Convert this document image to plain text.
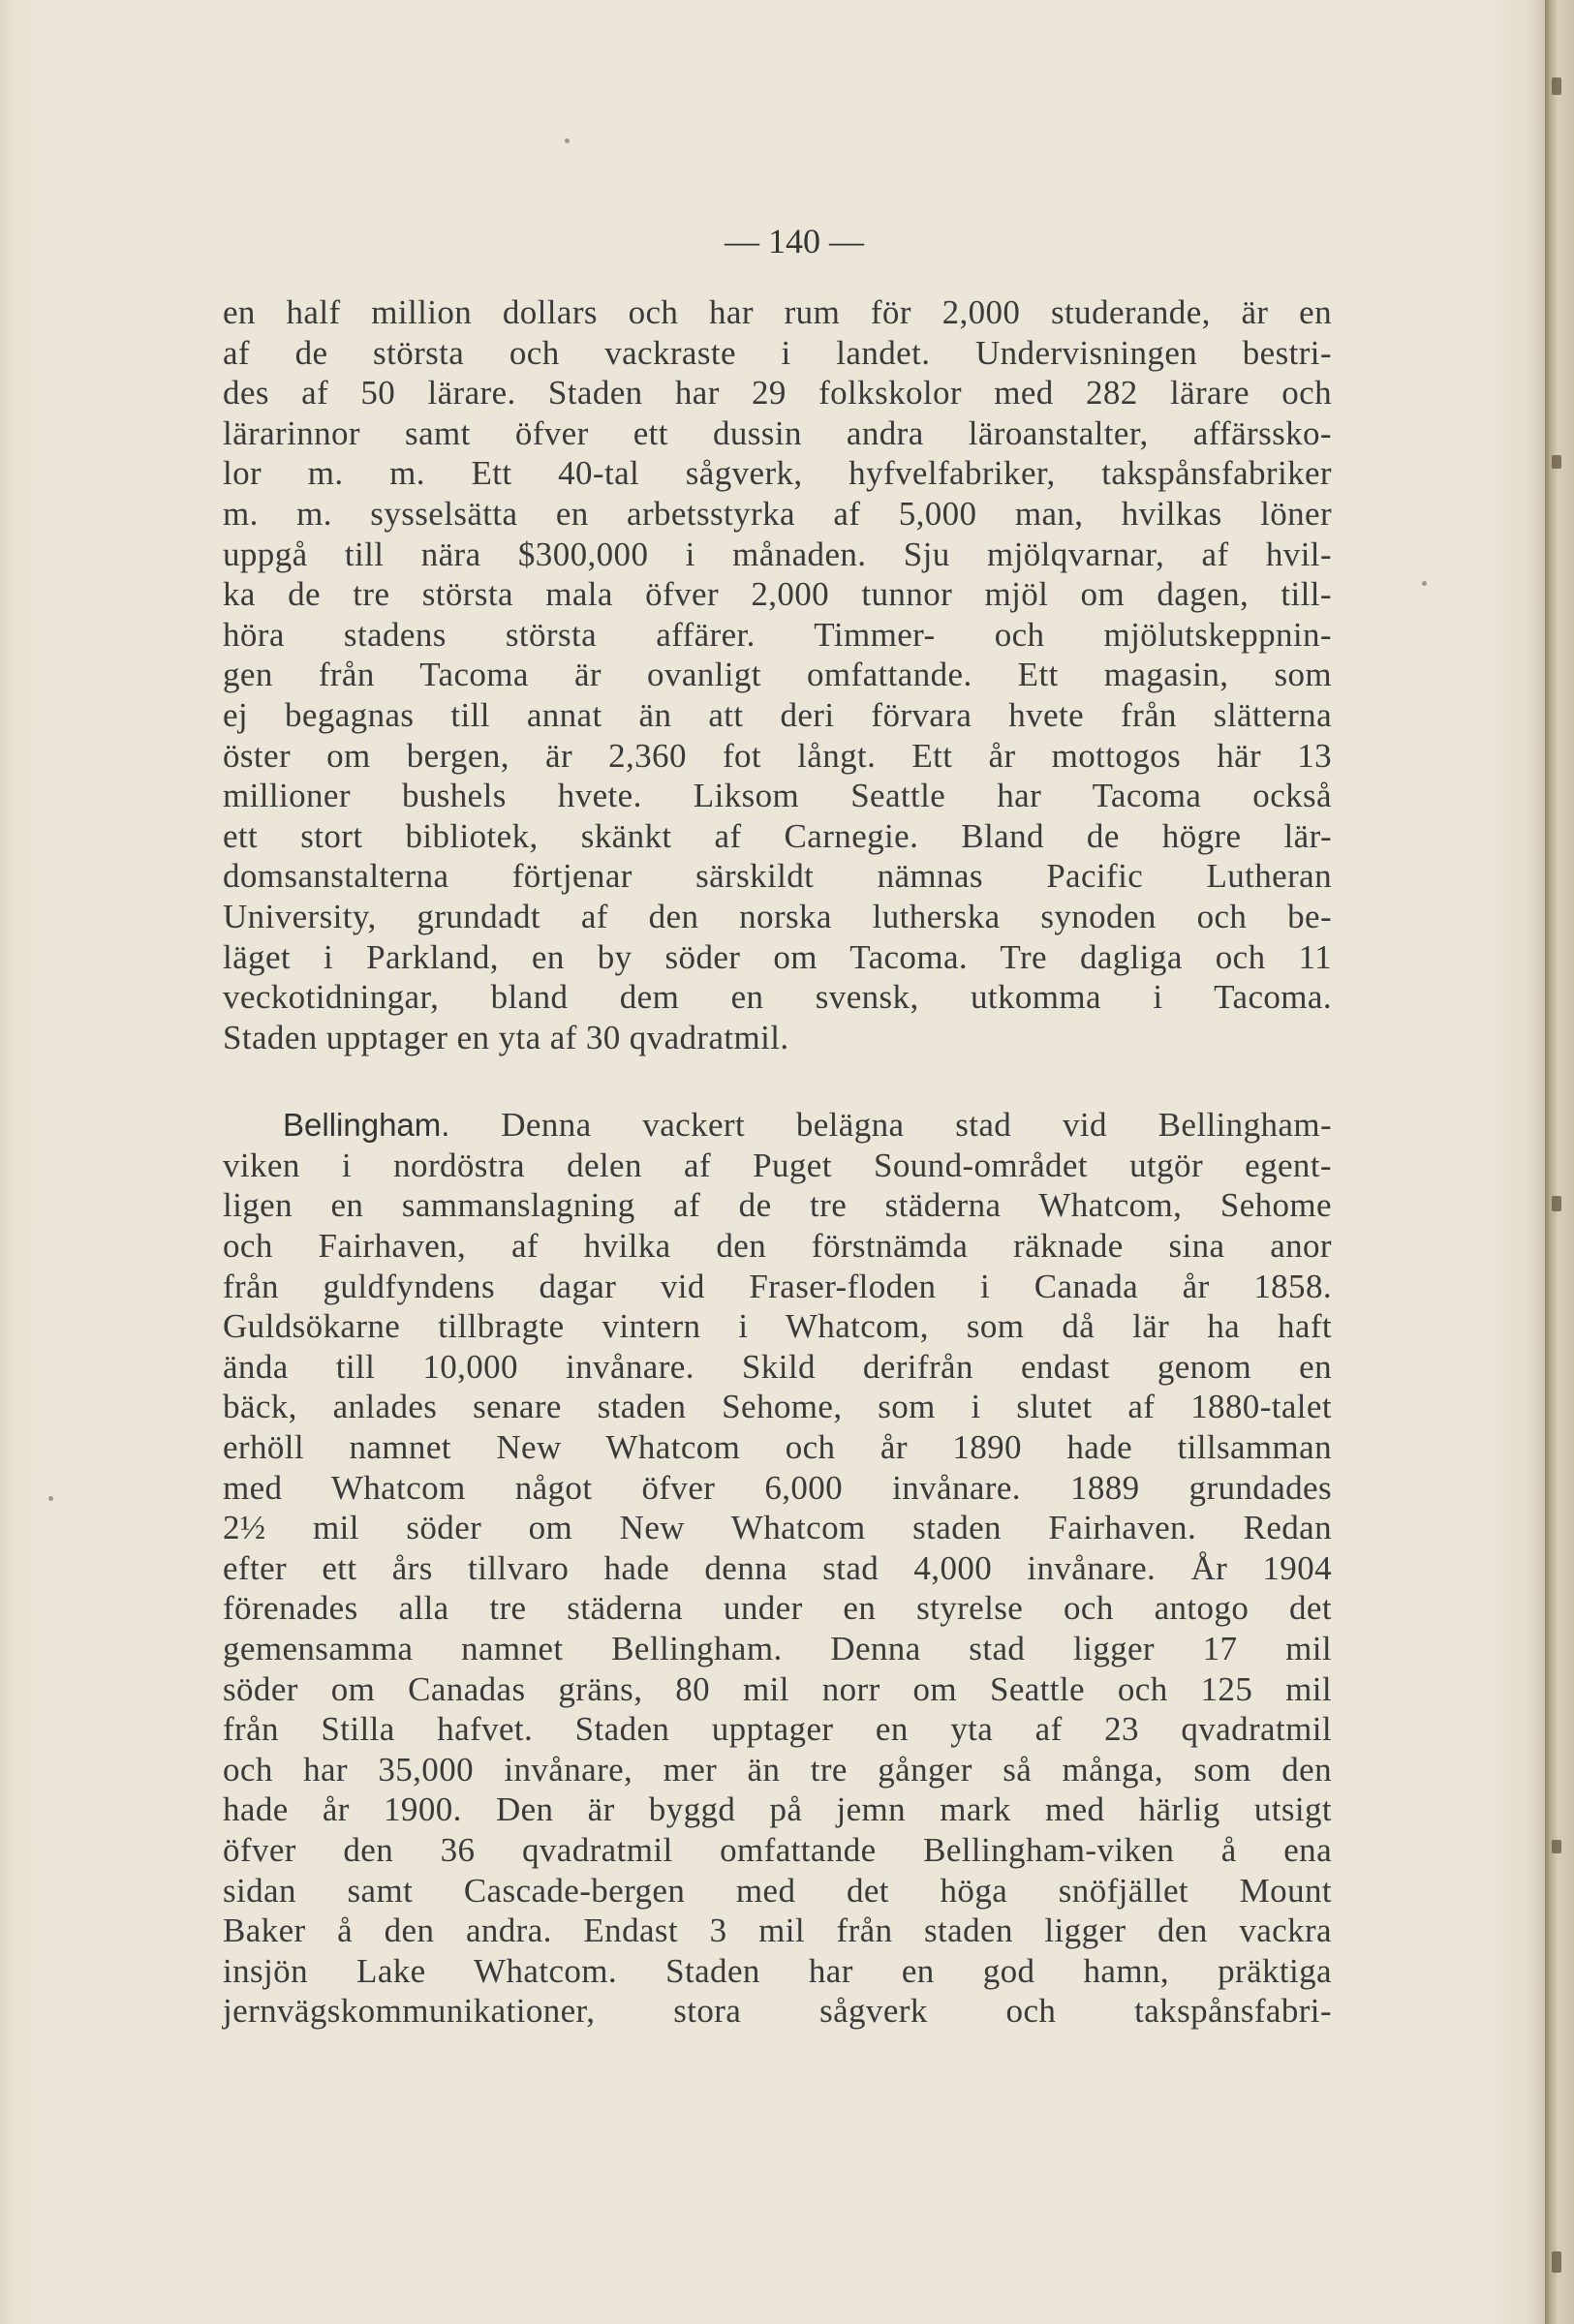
— 140 —
en half million dollars och har rum för 2,000 studerande, är en
af de största och vackraste i landet. Undervisningen bestri-
des af 50 lärare. Staden har 29 folkskolor med 282 lärare och
lärarinnor samt öfver ett dussin andra läroanstalter, affärssko-
lor m. m. Ett 40-tal sågverk, hyfvelfabriker, takspånsfabriker
m. m. sysselsätta en arbetsstyrka af 5,000 man, hvilkas löner
uppgå till nära $300,000 i månaden. Sju mjölqvarnar, af hvil-
ka de tre största mala öfver 2,000 tunnor mjöl om dagen, till-
höra stadens största affärer. Timmer- och mjölutskeppnin-
gen från Tacoma är ovanligt omfattande. Ett magasin, som
ej begagnas till annat än att deri förvara hvete från slätterna
öster om bergen, är 2,360 fot långt. Ett år mottogos här 13
millioner bushels hvete. Liksom Seattle har Tacoma också
ett stort bibliotek, skänkt af Carnegie. Bland de högre lär-
domsanstalterna förtjenar särskildt nämnas Pacific Lutheran
University, grundadt af den norska lutherska synoden och be-
läget i Parkland, en by söder om Tacoma. Tre dagliga och 11
veckotidningar, bland dem en svensk, utkomma i Tacoma.
Staden upptager en yta af 30 qvadratmil.
Bellingham. Denna vackert belägna stad vid Bellingham-
viken i nordöstra delen af Puget Sound-området utgör egent-
ligen en sammanslagning af de tre städerna Whatcom, Sehome
och Fairhaven, af hvilka den förstnämda räknade sina anor
från guldfyndens dagar vid Fraser-floden i Canada år 1858.
Guldsökarne tillbragte vintern i Whatcom, som då lär ha haft
ända till 10,000 invånare. Skild derifrån endast genom en
bäck, anlades senare staden Sehome, som i slutet af 1880-talet
erhöll namnet New Whatcom och år 1890 hade tillsamman
med Whatcom något öfver 6,000 invånare. 1889 grundades
2½ mil söder om New Whatcom staden Fairhaven. Redan
efter ett års tillvaro hade denna stad 4,000 invånare. År 1904
förenades alla tre städerna under en styrelse och antogo det
gemensamma namnet Bellingham. Denna stad ligger 17 mil
söder om Canadas gräns, 80 mil norr om Seattle och 125 mil
från Stilla hafvet. Staden upptager en yta af 23 qvadratmil
och har 35,000 invånare, mer än tre gånger så många, som den
hade år 1900. Den är byggd på jemn mark med härlig utsigt
öfver den 36 qvadratmil omfattande Bellingham-viken å ena
sidan samt Cascade-bergen med det höga snöfjället Mount
Baker å den andra. Endast 3 mil från staden ligger den vackra
insjön Lake Whatcom. Staden har en god hamn, präktiga
jernvägskommunikationer, stora sågverk och takspånsfabri-
